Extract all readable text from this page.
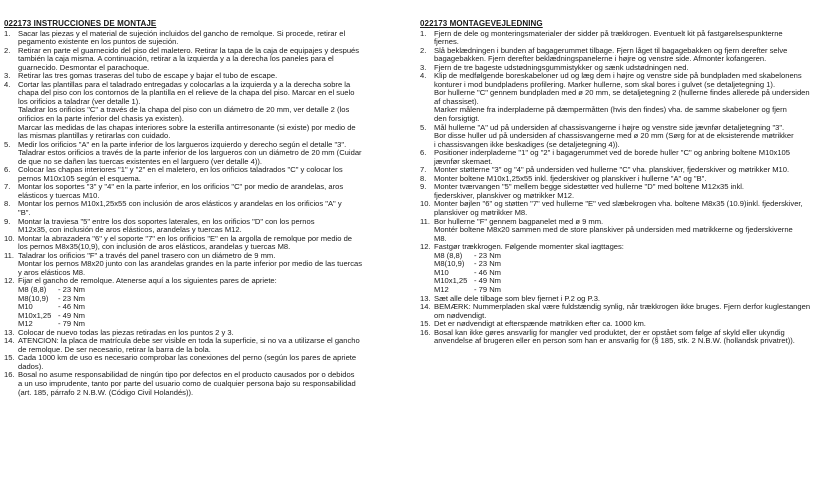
022173 INSTRUCCIONES DE MONTAJE
1.	Sacar las piezas y el material de sujeción incluidos del gancho de remolque. Si procede, retirar el
pegamento existente en los puntos de sujeción.
2.	Retirar en parte el guarnecido del piso del maletero. Retirar la tapa de la caja de equipajes y después
también la caja misma. A continuación, retirar a la izquierda y a la derecha los paneles para el
guarnecido. Desmontar el parachoque.
3.	Retirar las tres gomas traseras del tubo de escape y bajar el tubo de escape.
4.	Cortar las plantillas para el taladrado entregadas y colocarlas a la izquierda y a la derecha sobre la
chapa del piso con los contornos de la plantilla en el relieve de la chapa del piso. Marcar en el suelo
los orificios a taladrar (ver detalle 1).
Taladrar los orificios "C" a través de la chapa del piso con un diámetro de 20 mm, ver detalle 2 (los
orificios en la parte inferior del chasis ya existen).
Marcar las medidas de las chapas interiores sobre la esterilla antirresonante (si existe) por medio de
las mismas plantillas y retirarlas con cuidado.
5.	Medir los orificios "A" en la parte inferior de los largueros izquierdo y derecho según el detalle "3".
Taladrar estos orificios a través de la parte inferior de los largueros con un diámetro de 20 mm (Cuidar
de que no se dañen las tuercas existentes en el larguero (ver detalle 4)).
6.	Colocar las chapas interiores "1" y "2" en el maletero, en los orificios taladrados "C" y colocar los
pernos M10x105 según el esquema.
7.	Montar los soportes "3" y "4" en la parte inferior, en los orificios "C" por medio de arandelas, aros
elásticos y tuercas M10.
8.	Montar los pernos M10x1,25x55 con inclusión de aros elásticos y arandelas en los orificios "A" y
"B".
9.	Montar la traviesa "5" entre los dos soportes laterales, en los orificios "D" con los pernos
M12x35, con inclusión de aros elásticos, arandelas y tuercas M12.
10. Montar la abrazadera "6" y el soporte "7" en los orificios "E" en la argolla de remolque por medio de
los pernos M8x35(10,9), con inclusión de aros elásticos, arandelas y tuercas M8.
11. Taladrar los orificios "F" a través del panel trasero con un diámetro de 9 mm.
Montar los pernos M8x20 junto con las arandelas grandes en la parte inferior por medio de las tuercas
y aros elásticos M8.
12. Fijar el gancho de remolque. Atenerse aquí a los siguientes pares de apriete:
M8 (8,8)	- 23 Nm
M8(10,9)	- 23 Nm
M10	- 46 Nm
M10x1,25	- 49 Nm
M12	- 79 Nm
13. Colocar de nuevo todas las piezas retiradas en los puntos 2 y 3.
14. ATENCION: la placa de matrícula debe ser visible en toda la superficie, si no va a utilizarse el gancho
de remolque. De ser necesario, retirar la barra de la bola.
15. Cada 1000 km de uso es necesario comprobar las conexiones del perno (según los pares de apriete
dados).
16. Bosal no asume responsabilidad de ningún tipo por defectos en el producto causados por o debidos
a un uso imprudente, tanto por parte del usuario como de cualquier persona bajo su responsabilidad
(art. 185, párrafo 2 N.B.W. (Código Civil Holandés)).
022173 MONTAGEVEJLEDNING
1.	Fjern de dele og monteringsmaterialer der sidder på trækkrogen. Eventuelt kit på fastgørelsespunkterne
fjernes.
2.	Slå beklædningen i bunden af bagagerummet tilbage. Fjern låget til bagagebakken og fjern derefter selve
bagagebakken. Fjern derefter beklædningspanelerne i højre og venstre side. Afmonter kofangeren.
3.	Fjern de tre bageste udstødningsgummistykker og sænk udstødningen ned.
4.	Klip de medfølgende boreskabeloner ud og læg dem i højre og venstre side på bundpladen med skabelonens
konturer i mod bundpladens profilering. Marker hullerne, som skal bores i gulvet (se detaljetegning 1).
Bor hullerne "C" gennem bundpladen med ø 20 mm, se detaljetegning 2 (hullerne findes allerede på undersiden
af chassiset).
Marker målene fra inderpladerne på dæmpermåtten (hvis den findes) vha. de samme skabeloner og fjern
den forsigtigt.
5.	Mål hullerne "A" ud på undersiden af chassisvangerne i højre og venstre side jævnfør detaljetegning "3".
Bor disse huller ud på undersiden af chassisvangerne med ø 20 mm (Sørg for at de eksisterende møtrikker
i chassisvangen ikke beskadiges (se detaljetegning 4)).
6.	Positioner inderpladerne "1" og "2" i bagagerummet ved de borede huller "C" og anbring boltene M10x105
jævnfør skemaet.
7.	Monter støtterne "3" og "4" på undersiden ved hullerne "C" vha. planskiver, fjederskiver og møtrikker M10.
8.	Monter boltene M10x1,25x55 inkl. fjederskiver og planskiver i hullerne "A" og "B".
9.	Monter tværvangen "5" mellem begge sidestøtter ved hullerne "D" med boltene M12x35 inkl.
fjederskiver, planskiver og møtrikker M12.
10. Monter bøjlen "6" og støtten "7" ved hullerne "E" ved slæbekrogen vha. boltene M8x35 (10.9)inkl. fjederskiver,
planskiver og møtrikker M8.
11. Bor hullerne "F" gennem bagpanelet med ø 9 mm.
Montér boltene M8x20 sammen med de store planskiver på undersiden med møtrikkerne og fjederskiverne
M8.
12. Fastgør trækkrogen. Følgende momenter skal iagttages:
M8 (8,8)	- 23 Nm
M8(10,9)	- 23 Nm
M10	- 46 Nm
M10x1,25	- 49 Nm
M12	- 79 Nm
13. Sæt alle dele tilbage som blev fjernet i P.2 og P.3.
14. BEMÆRK: Nummerpladen skal være fuldstændig synlig, når trækkrogen ikke bruges. Fjern derfor kuglestangen
om nødvendigt.
15. Det er nødvendigt at efterspænde møtrikken efter ca. 1000 km.
16. Bosal kan ikke gøres ansvarlig for mangler ved produktet, der er opstået som følge af skyld eller ukyndig
anvendelse af brugeren eller en person som han er ansvarlig for (§ 185, stk. 2 N.B.W. (hollandsk privatret)).
